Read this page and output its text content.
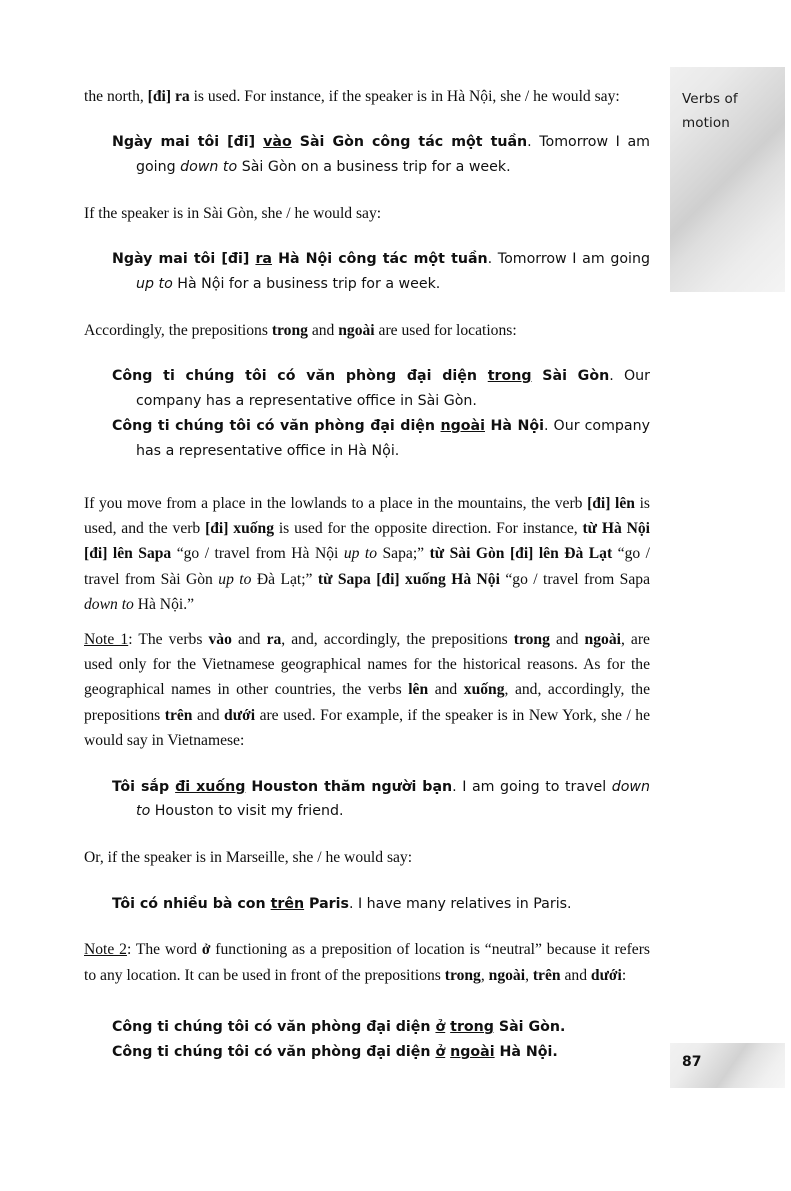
Verbs of
motion
87

the north, [đi] ra is used. For instance, if the speaker is in Hà Nội, she / he would say:

Ngày mai tôi [đi] vào Sài Gòn công tác một tuần. Tomorrow I am going down to Sài Gòn on a business trip for a week.

If the speaker is in Sài Gòn, she / he would say:

Ngày mai tôi [đi] ra Hà Nội công tác một tuần. Tomorrow I am going up to Hà Nội for a business trip for a week.

Accordingly, the prepositions trong and ngoài are used for locations:

Công ti chúng tôi có văn phòng đại diện trong Sài Gòn. Our company has a representative office in Sài Gòn.

Công ti chúng tôi có văn phòng đại diện ngoài Hà Nội. Our company has a representative office in Hà Nội.

If you move from a place in the lowlands to a place in the mountains, the verb [đi] lên is used, and the verb [đi] xuống is used for the opposite direction. For instance, từ Hà Nội [đi] lên Sapa “go / travel from Hà Nội up to Sapa;” từ Sài Gòn [đi] lên Đà Lạt “go / travel from Sài Gòn up to Đà Lạt;” từ Sapa [đi] xuống Hà Nội “go / travel from Sapa down to Hà Nội.”

Note 1: The verbs vào and ra, and, accordingly, the prepositions trong and ngoài, are used only for the Vietnamese geographical names for the historical reasons. As for the geographical names in other countries, the verbs lên and xuống, and, accordingly, the prepositions trên and dưới are used. For example, if the speaker is in New York, she / he would say in Vietnamese:

Tôi sắp đi xuống Houston thăm người bạn. I am going to travel down to Houston to visit my friend.

Or, if the speaker is in Marseille, she / he would say:

Tôi có nhiều bà con trên Paris. I have many relatives in Paris.

Note 2: The word ở functioning as a preposition of location is “neutral” because it refers to any location. It can be used in front of the prepositions trong, ngoài, trên and dưới:

Công ti chúng tôi có văn phòng đại diện ở trong Sài Gòn.

Công ti chúng tôi có văn phòng đại diện ở ngoài Hà Nội.
